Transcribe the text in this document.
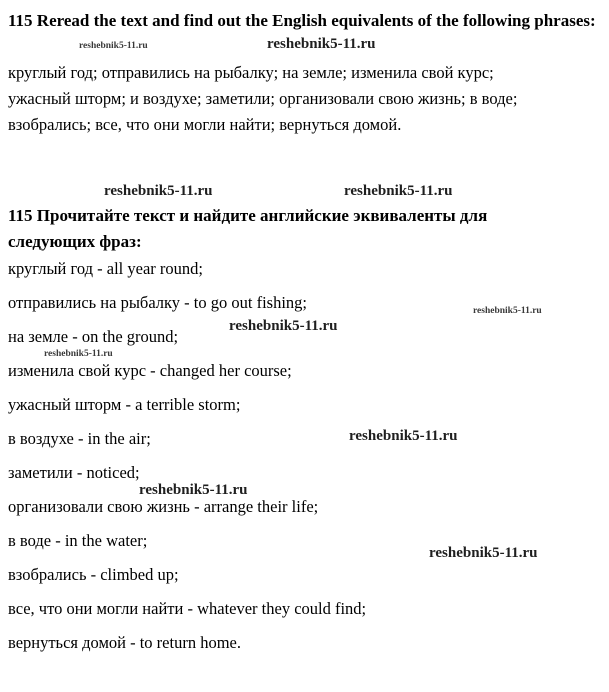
115 Reread the text and find out the English equivalents of the following phrases:
круглый год; отправились на рыбалку; на земле; изменила свой курс;
ужасный шторм; и воздухе; заметили; организовали свою жизнь; в воде;
взобрались; все, что они могли найти; вернуться домой.
115 Прочитайте текст и найдите английские эквиваленты для следующих фраз:
круглый год - all year round;
отправились на рыбалку - to go out fishing;
на земле - on the ground;
изменила свой курс - changed her course;
ужасный шторм - a terrible storm;
в воздухе - in the air;
заметили - noticed;
организовали свою жизнь - arrange their life;
в воде - in the water;
взобрались - climbed up;
все, что они могли найти - whatever they could find;
вернуться домой - to return home.
reshebnik5-11.ru	reshebnik5-11.ru
reshebnik5-11.ru	reshebnik5-11.ru
reshebnik5-11.ru
reshebnik5-11.ru
reshebnik5-11.ru
reshebnik5-11.ru
reshebnik5-11.ru
reshebnik5-11.ru
